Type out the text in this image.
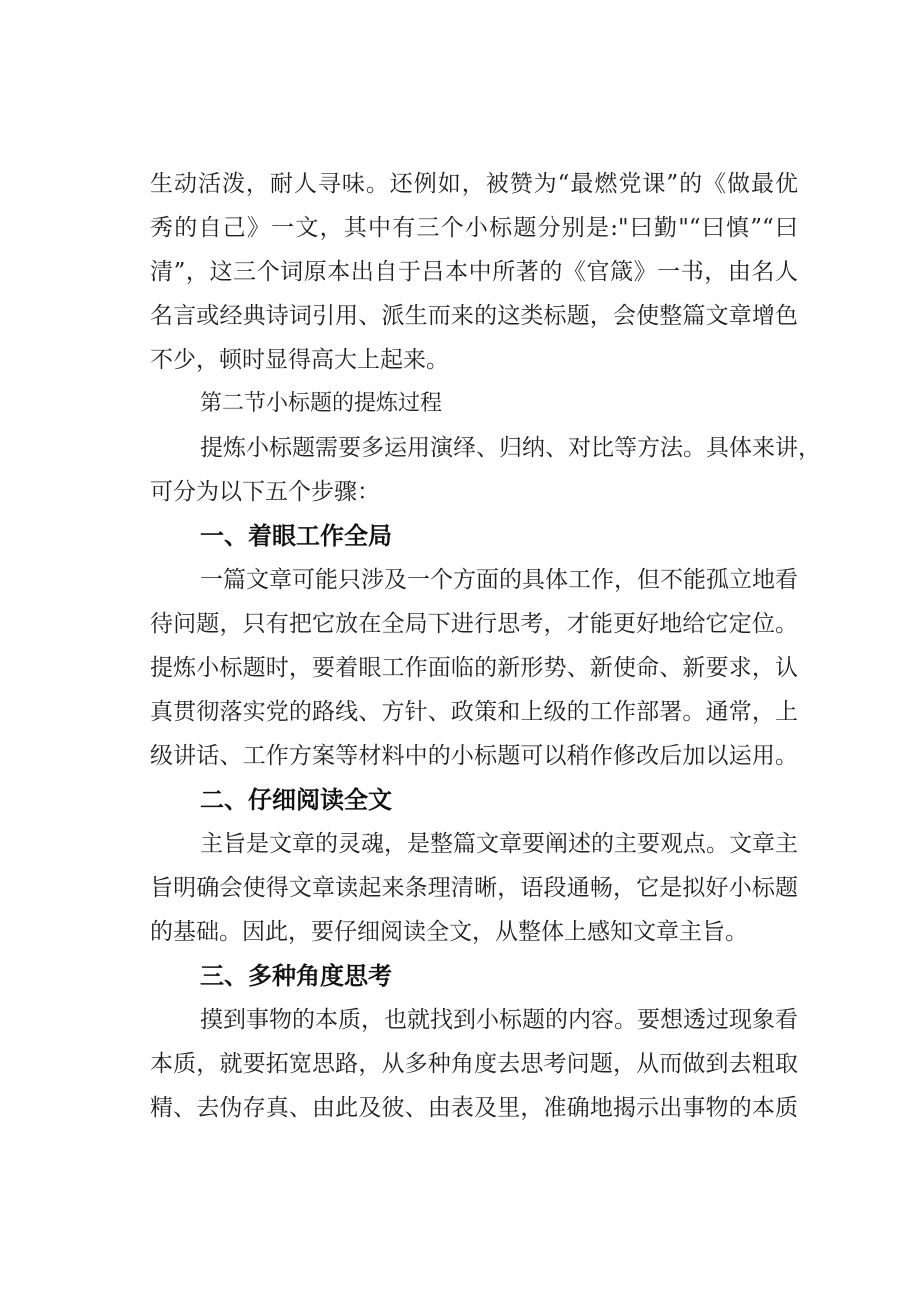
生动活泼，耐人寻味。还例如，被赞为“最燃党课”的《做最优
秀的自己》一文，其中有三个小标题分别是:"曰勤"“曰慎”“曰
清”，这三个词原本出自于吕本中所著的《官箴》一书，由名人
名言或经典诗词引用、派生而来的这类标题，会使整篇文章增色
不少，顿时显得高大上起来。
第二节小标题的提炼过程
提炼小标题需要多运用演绎、归纳、对比等方法。具体来讲，
可分为以下五个步骤：
一、着眼工作全局
一篇文章可能只涉及一个方面的具体工作，但不能孤立地看
待问题，只有把它放在全局下进行思考，才能更好地给它定位。
提炼小标题时，要着眼工作面临的新形势、新使命、新要求，认
真贯彻落实党的路线、方针、政策和上级的工作部署。通常，上
级讲话、工作方案等材料中的小标题可以稍作修改后加以运用。
二、仔细阅读全文
主旨是文章的灵魂，是整篇文章要阐述的主要观点。文章主
旨明确会使得文章读起来条理清晰，语段通畅，它是拟好小标题
的基础。因此，要仔细阅读全文，从整体上感知文章主旨。
三、多种角度思考
摸到事物的本质，也就找到小标题的内容。要想透过现象看
本质，就要拓宽思路，从多种角度去思考问题，从而做到去粗取
精、去伪存真、由此及彼、由表及里，准确地揭示出事物的本质
